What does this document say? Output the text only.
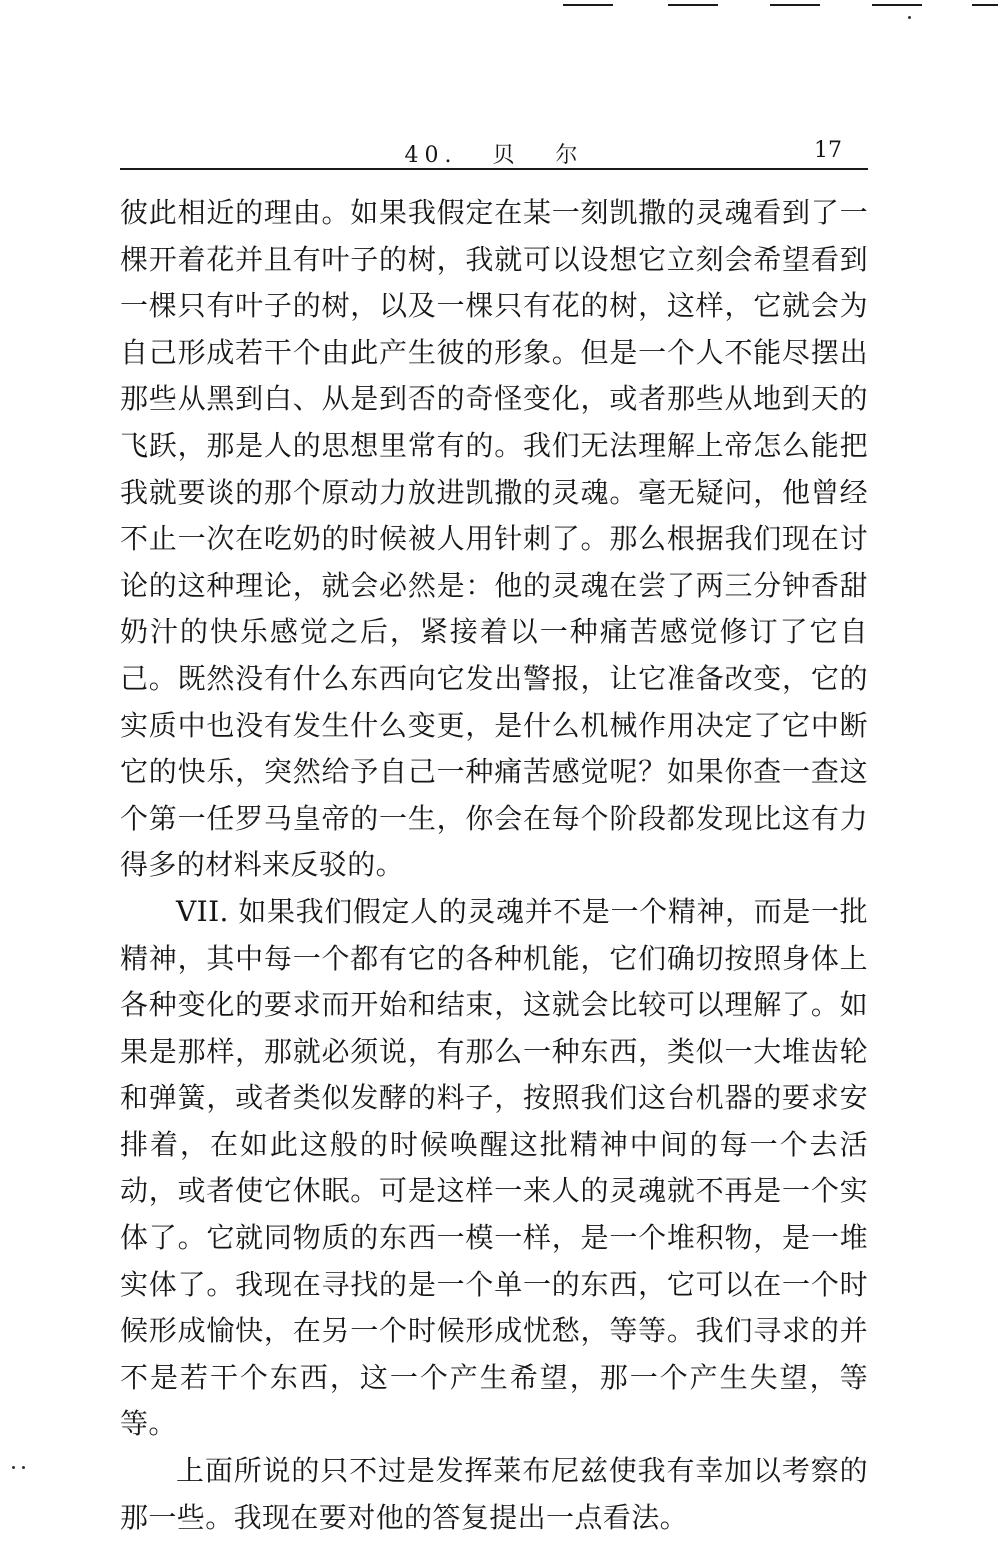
40. 贝 尔	17

彼此相近的理由。如果我假定在某一刻凯撒的灵魂看到了一棵开着花并且有叶子的树，我就可以设想它立刻会希望看到一棵只有叶子的树，以及一棵只有花的树，这样，它就会为自己形成若干个由此产生彼的形象。但是一个人不能尽摆出那些从黑到白、从是到否的奇怪变化，或者那些从地到天的飞跃，那是人的思想里常有的。我们无法理解上帝怎么能把我就要谈的那个原动力放进凯撒的灵魂。毫无疑问，他曾经不止一次在吃奶的时候被人用针刺了。那么根据我们现在讨论的这种理论，就会必然是：他的灵魂在尝了两三分钟香甜奶汁的快乐感觉之后，紧接着以一种痛苦感觉修订了它自己。既然没有什么东西向它发出警报，让它准备改变，它的实质中也没有发生什么变更，是什么机械作用决定了它中断它的快乐，突然给予自己一种痛苦感觉呢？如果你查一查这个第一任罗马皇帝的一生，你会在每个阶段都发现比这有力得多的材料来反驳的。

VII. 如果我们假定人的灵魂并不是一个精神，而是一批精神，其中每一个都有它的各种机能，它们确切按照身体上各种变化的要求而开始和结束，这就会比较可以理解了。如果是那样，那就必须说，有那么一种东西，类似一大堆齿轮和弹簧，或者类似发酵的料子，按照我们这台机器的要求安排着，在如此这般的时候唤醒这批精神中间的每一个去活动，或者使它休眠。可是这样一来人的灵魂就不再是一个实体了。它就同物质的东西一模一样，是一个堆积物，是一堆实体了。我现在寻找的是一个单一的东西，它可以在一个时候形成愉快，在另一个时候形成忧愁，等等。我们寻求的并不是若干个东西，这一个产生希望，那一个产生失望，等等。

上面所说的只不过是发挥莱布尼兹使我有幸加以考察的那一些。我现在要对他的答复提出一点看法。
